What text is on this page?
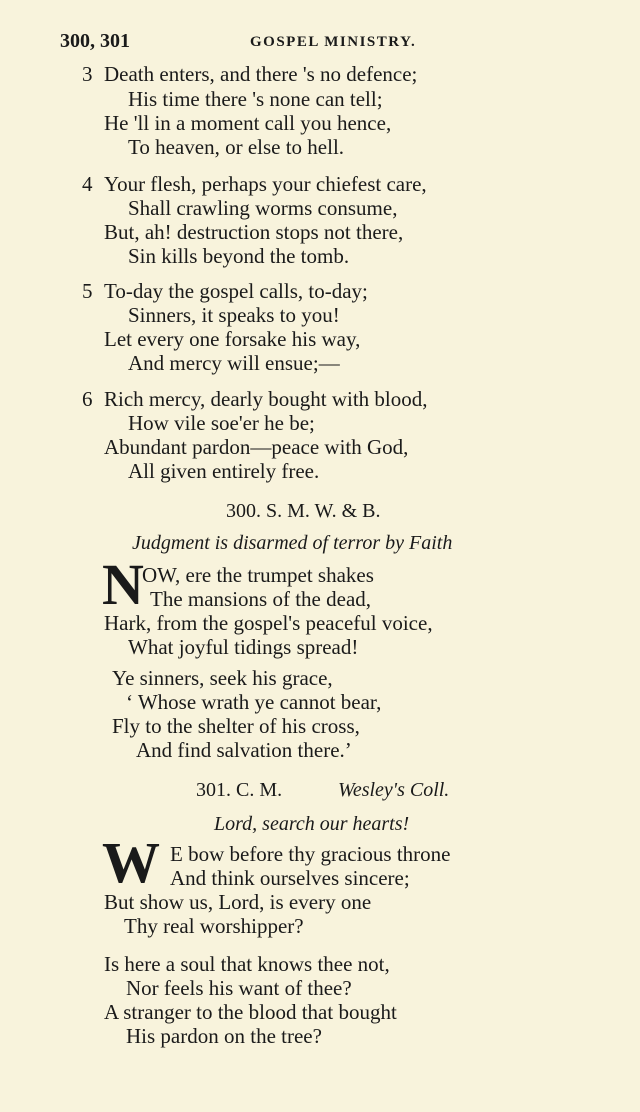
300, 301	GOSPEL MINISTRY.
3 Death enters, and there 's no defence;
His time there 's none can tell;
He 'll in a moment call you hence,
To heaven, or else to hell.
4 Your flesh, perhaps your chiefest care,
Shall crawling worms consume,
But, ah! destruction stops not there,
Sin kills beyond the tomb.
5 To-day the gospel calls, to-day;
Sinners, it speaks to you!
Let every one forsake his way,
And mercy will ensue;—
6 Rich mercy, dearly bought with blood,
How vile soe'er he be;
Abundant pardon—peace with God,
All given entirely free.
300. S. M. W. & B.
Judgment is disarmed of terror by Faith
N
OW, ere the trumpet shakes
The mansions of the dead,
Hark, from the gospel's peaceful voice,
What joyful tidings spread!
Ye sinners, seek his grace,
‘ Whose wrath ye cannot bear,
Fly to the shelter of his cross,
And find salvation there.’
301. C. M.	Wesley's Coll.
Lord, search our hearts!
W E bow before thy gracious throne
And think ourselves sincere;
But show us, Lord, is every one
Thy real worshipper?
Is here a soul that knows thee not,
Nor feels his want of thee?
A stranger to the blood that bought
His pardon on the tree?
